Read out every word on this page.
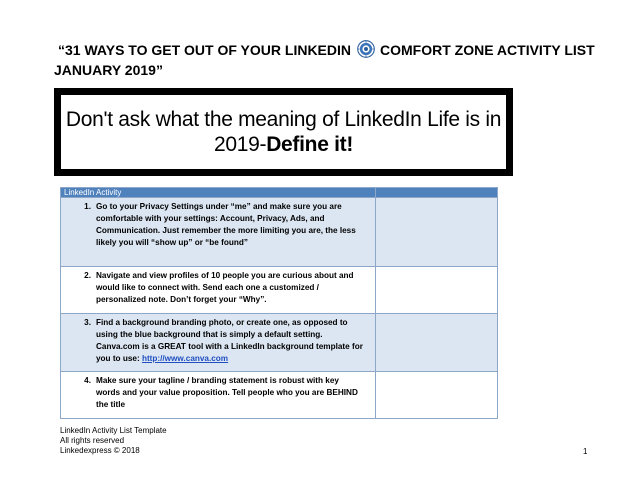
“31 WAYS TO GET OUT OF YOUR LINKEDIN COMFORT ZONE ACTIVITY LIST
JANUARY 2019”
Don't ask what the meaning of LinkedIn Life is in
2019-Define it!
LinkedIn Activity	

1. Go to your Privacy Settings under “me” and make sure you are
comfortable with your settings: Account, Privacy, Ads, and
Communication. Just remember the more limiting you are, the less
likely you will “show up” or “be found”	

2. Navigate and view profiles of 10 people you are curious about and
would like to connect with. Send each one a customized /
personalized note. Don’t forget your “Why”.	

3. Find a background branding photo, or create one, as opposed to
using the blue background that is simply a default setting.
Canva.com is a GREAT tool with a LinkedIn background template for
you to use: http://www.canva.com	

4. Make sure your tagline / branding statement is robust with key
words and your value proposition. Tell people who you are BEHIND
the title	

LinkedIn Activity List Template
All rights reserved
Linkedexpress © 2018	1
